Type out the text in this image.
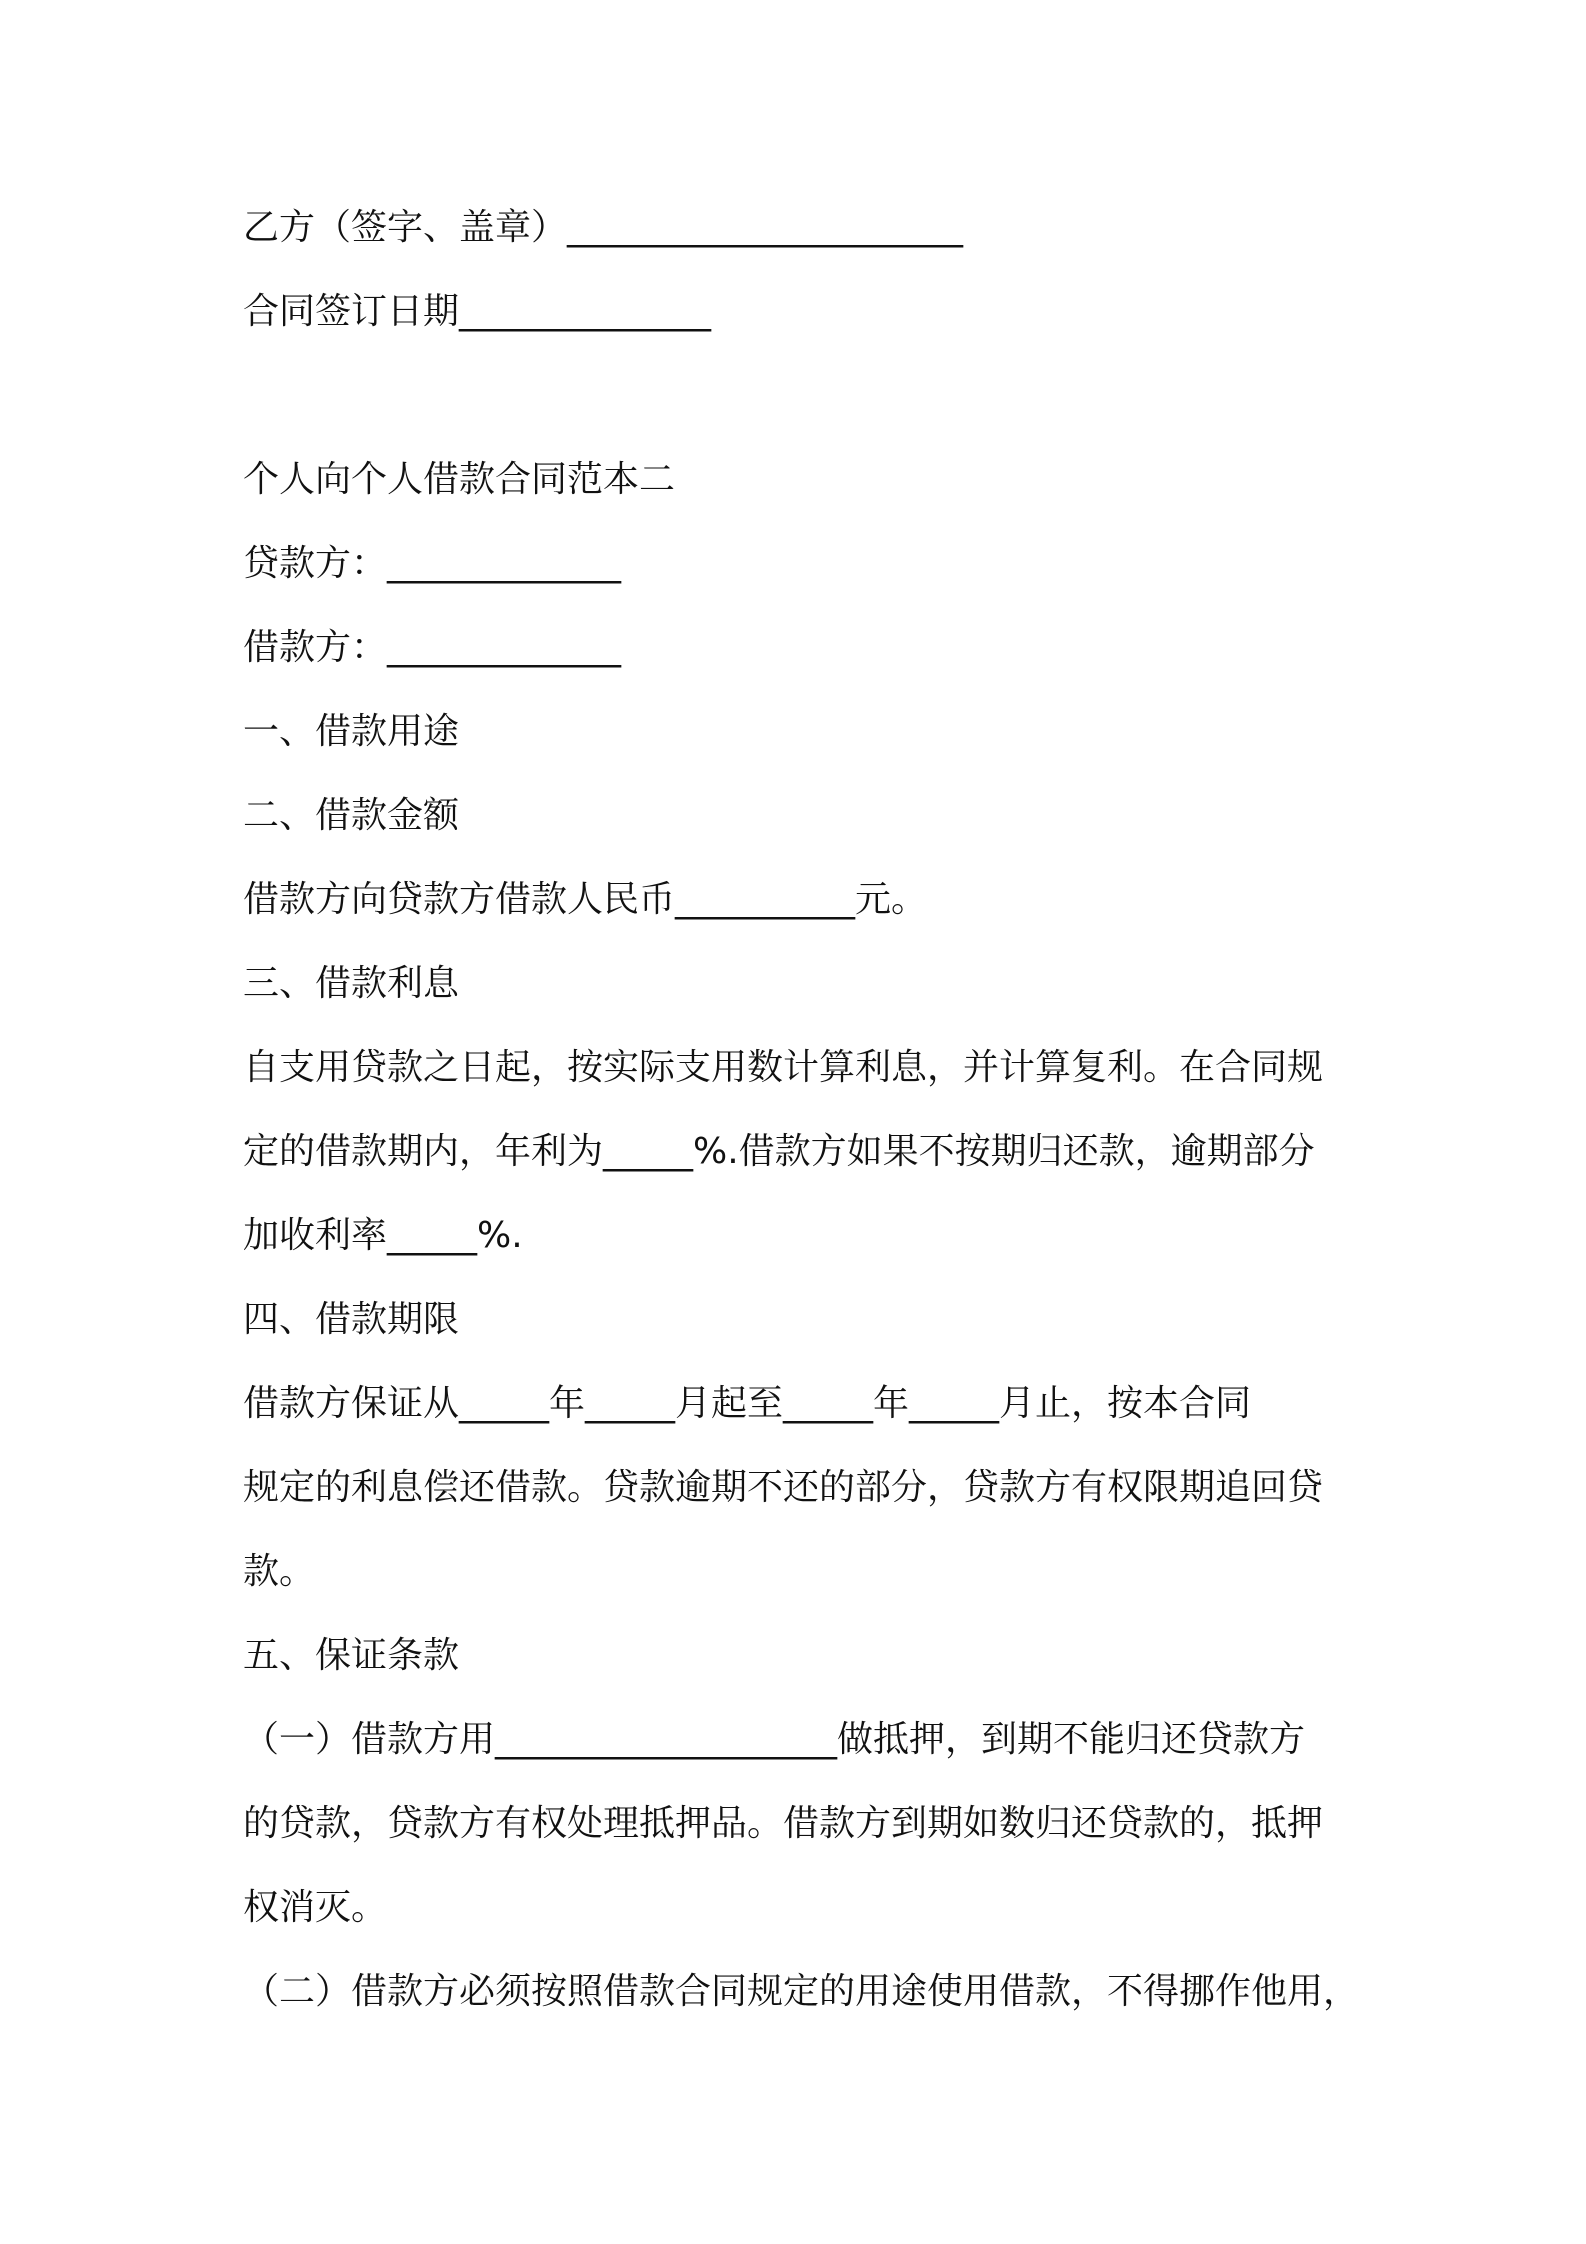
乙方（签字、盖章）______________________
合同签订日期______________
个人向个人借款合同范本二
贷款方：_____________
借款方：_____________
一、借款用途
二、借款金额
借款方向贷款方借款人民币__________元。
三、借款利息
自支用贷款之日起，按实际支用数计算利息，并计算复利。在合同规
定的借款期内，年利为_____%.借款方如果不按期归还款，逾期部分
加收利率_____%.
四、借款期限
借款方保证从_____年_____月起至_____年_____月止，按本合同
规定的利息偿还借款。贷款逾期不还的部分，贷款方有权限期追回贷
款。
五、保证条款
（一）借款方用___________________做抵押，到期不能归还贷款方
的贷款，贷款方有权处理抵押品。借款方到期如数归还贷款的，抵押
权消灭。
（二）借款方必须按照借款合同规定的用途使用借款，不得挪作他用，
